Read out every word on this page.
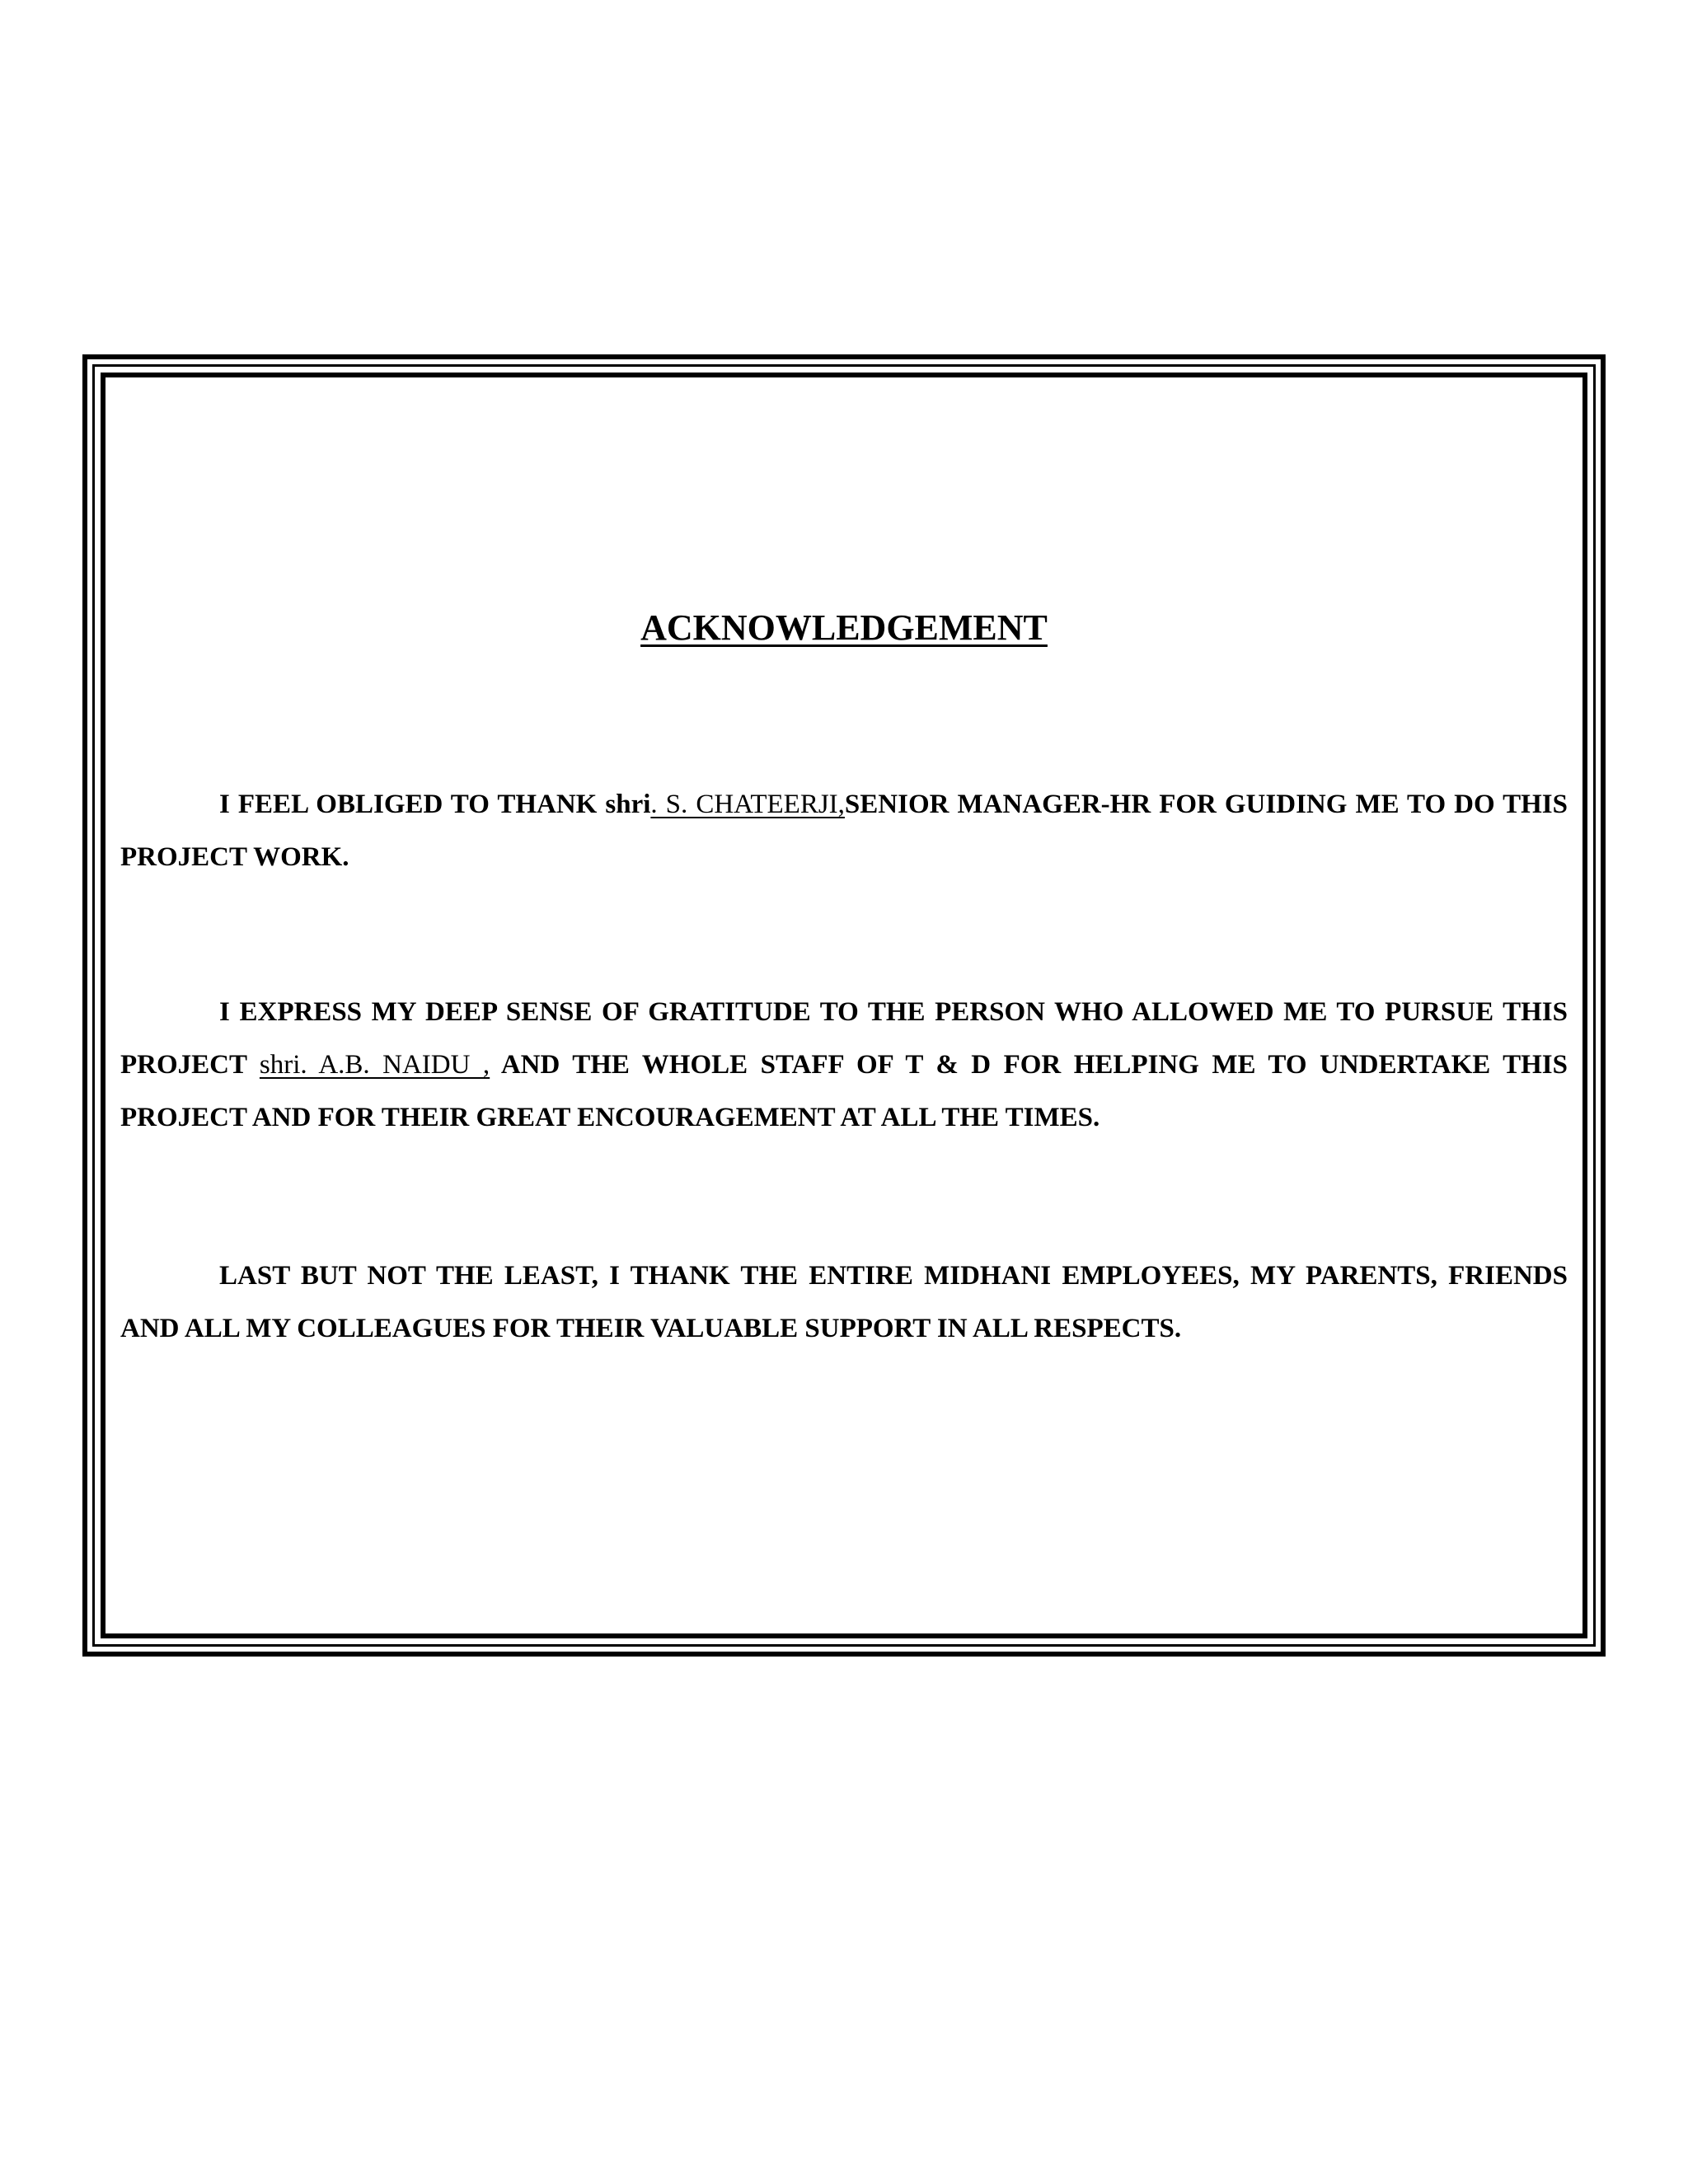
ACKNOWLEDGEMENT

I FEEL OBLIGED TO THANK shri. S. CHATEERJI,SENIOR MANAGER-HR FOR GUIDING ME TO DO THIS PROJECT WORK.

I EXPRESS MY DEEP SENSE OF GRATITUDE TO THE PERSON WHO ALLOWED ME TO PURSUE THIS PROJECT shri. A.B. NAIDU , AND THE WHOLE STAFF OF T & D FOR HELPING ME TO UNDERTAKE THIS PROJECT AND FOR THEIR GREAT ENCOURAGEMENT AT ALL THE TIMES.

LAST BUT NOT THE LEAST, I THANK THE ENTIRE MIDHANI EMPLOYEES, MY PARENTS, FRIENDS AND ALL MY COLLEAGUES FOR THEIR VALUABLE SUPPORT IN ALL RESPECTS.
